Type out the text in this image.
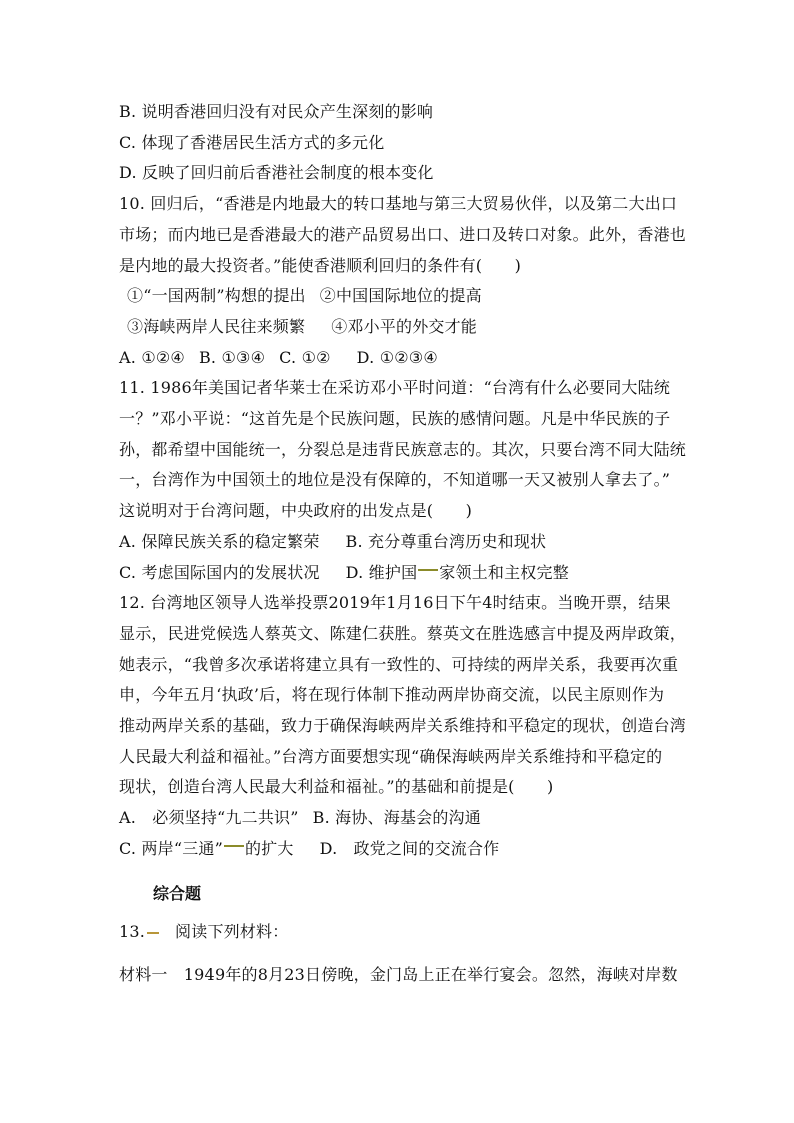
B. 说明香港回归没有对民众产生深刻的影响
C. 体现了香港居民生活方式的多元化
D. 反映了回归前后香港社会制度的根本变化
10. 回归后，“香港是内地最大的转口基地与第三大贸易伙伴，以及第二大出口
市场；而内地已是香港最大的港产品贸易出口、进口及转口对象。此外，香港也
是内地的最大投资者。”能使香港顺利回归的条件有(　　)
①“一国两制”构想的提出 ②中国国际地位的提高
③海峡两岸人民往来频繁 ④邓小平的外交才能
A. ①②④ B. ①③④ C. ①② D. ①②③④
11. 1986年美国记者华莱士在采访邓小平时问道：“台湾有什么必要同大陆统
一？”邓小平说：“这首先是个民族问题，民族的感情问题。凡是中华民族的子
孙，都希望中国能统一，分裂总是违背民族意志的。其次，只要台湾不同大陆统
一，台湾作为中国领土的地位是没有保障的，不知道哪一天又被别人拿去了。”
这说明对于台湾问题，中央政府的出发点是(　　)
A. 保障民族关系的稳定繁荣 B. 充分尊重台湾历史和现状
C. 考虑国际国内的发展状况 D. 维护国 家领土和主权完整
12. 台湾地区领导人选举投票2019年1月16日下午4时结束。当晚开票，结果
显示，民进党候选人蔡英文、陈建仁获胜。蔡英文在胜选感言中提及两岸政策，
她表示，“我曾多次承诺将建立具有一致性的、可持续的两岸关系，我要再次重
申，今年五月‘执政’后，将在现行体制下推动两岸协商交流，以民主原则作为
推动两岸关系的基础，致力于确保海峡两岸关系维持和平稳定的现状，创造台湾
人民最大利益和福祉。”台湾方面要想实现“确保海峡两岸关系维持和平稳定的
现状，创造台湾人民最大利益和福祉。”的基础和前提是(　　)
A.　必须坚持“九二共识” B. 海协、海基会的沟通
C. 两岸“三通” 的扩大 D.　政党之间的交流合作
综合题
13. 阅读下列材料：
材料一　1949年的8月23日傍晚，金门岛上正在举行宴会。忽然，海峡对岸数
